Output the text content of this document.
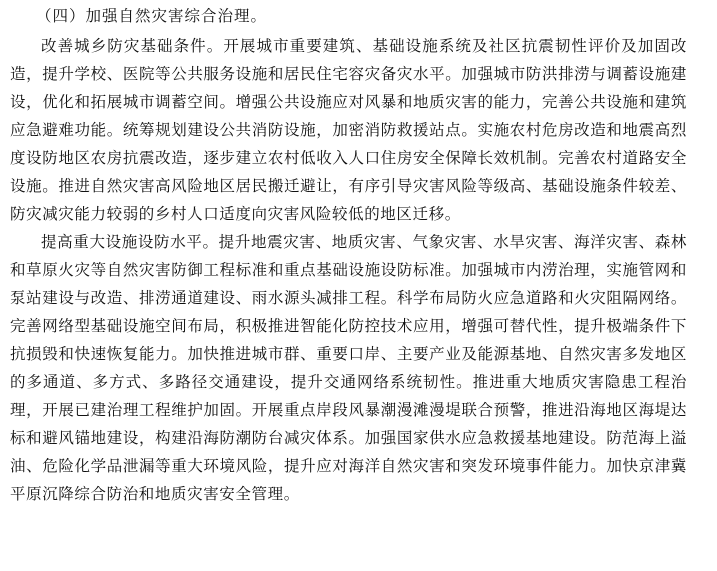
（四）加强自然灾害综合治理。

改善城乡防灾基础条件。开展城市重要建筑、基础设施系统及社区抗震韧性评价及加固改造，提升学校、医院等公共服务设施和居民住宅容灾备灾水平。加强城市防洪排涝与调蓄设施建设，优化和拓展城市调蓄空间。增强公共设施应对风暴和地质灾害的能力，完善公共设施和建筑应急避难功能。统筹规划建设公共消防设施，加密消防救援站点。实施农村危房改造和地震高烈度设防地区农房抗震改造，逐步建立农村低收入人口住房安全保障长效机制。完善农村道路安全设施。推进自然灾害高风险地区居民搬迁避让，有序引导灾害风险等级高、基础设施条件较差、防灾减灾能力较弱的乡村人口适度向灾害风险较低的地区迁移。

提高重大设施设防水平。提升地震灾害、地质灾害、气象灾害、水旱灾害、海洋灾害、森林和草原火灾等自然灾害防御工程标准和重点基础设施设防标准。加强城市内涝治理，实施管网和泵站建设与改造、排涝通道建设、雨水源头减排工程。科学布局防火应急道路和火灾阻隔网络。完善网络型基础设施空间布局，积极推进智能化防控技术应用，增强可替代性，提升极端条件下抗损毁和快速恢复能力。加快推进城市群、重要口岸、主要产业及能源基地、自然灾害多发地区的多通道、多方式、多路径交通建设，提升交通网络系统韧性。推进重大地质灾害隐患工程治理，开展已建治理工程维护加固。开展重点岸段风暴潮漫滩漫堤联合预警，推进沿海地区海堤达标和避风锚地建设，构建沿海防潮防台减灾体系。加强国家供水应急救援基地建设。防范海上溢油、危险化学品泄漏等重大环境风险，提升应对海洋自然灾害和突发环境事件能力。加快京津冀平原沉降综合防治和地质灾害安全管理。
